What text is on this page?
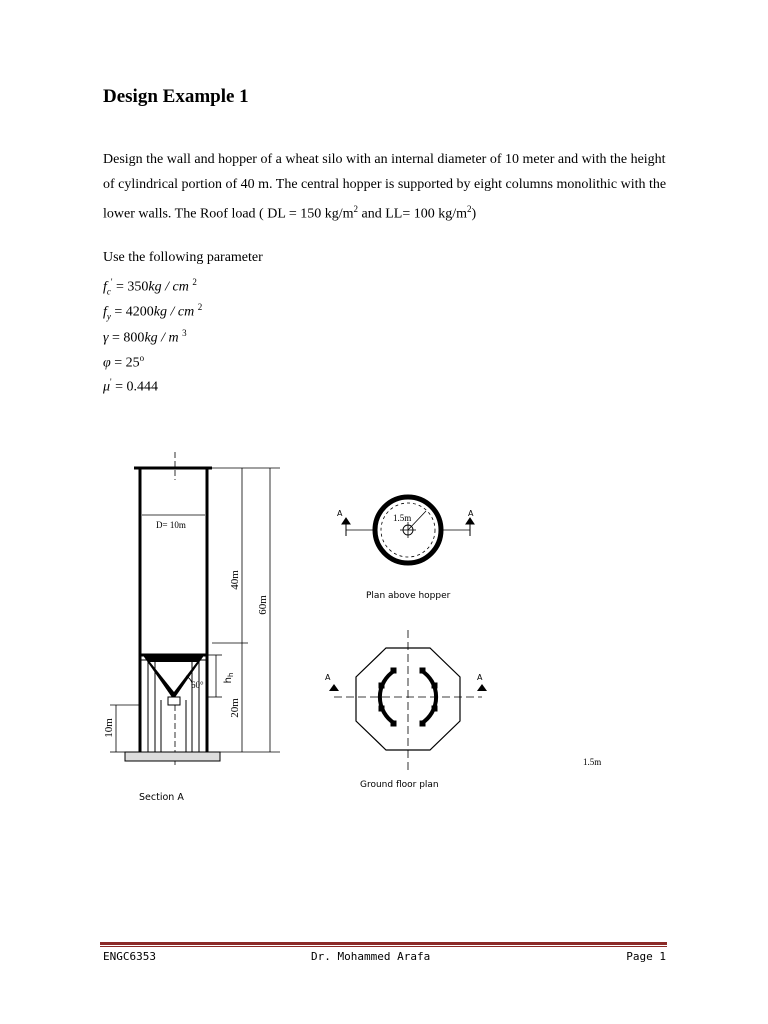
Design Example 1
Design the wall and hopper of a wheat silo with an internal diameter of 10 meter and with the height of cylindrical portion of 40 m. The central hopper is supported by eight columns monolithic with the lower walls. The Roof load ( DL = 150 $kg/m^2$ and LL= 100 $kg/m^2$)
Use the following parameter
$f_c' = 350kg$ / cm $^2$
$f_y = 4200kg$ / cm $^2$
γ = 800kg / m $^3$
$\varphi = 25^o$
μ' = 0.444
D= 10m
40m
60m
20m
10m
60° $h_h$
Section A
1.5m
A	A
Plan above hopper
A	A
Ground floor plan
1.5m
ENGC6353	Dr. Mohammed Arafa	Page 1
